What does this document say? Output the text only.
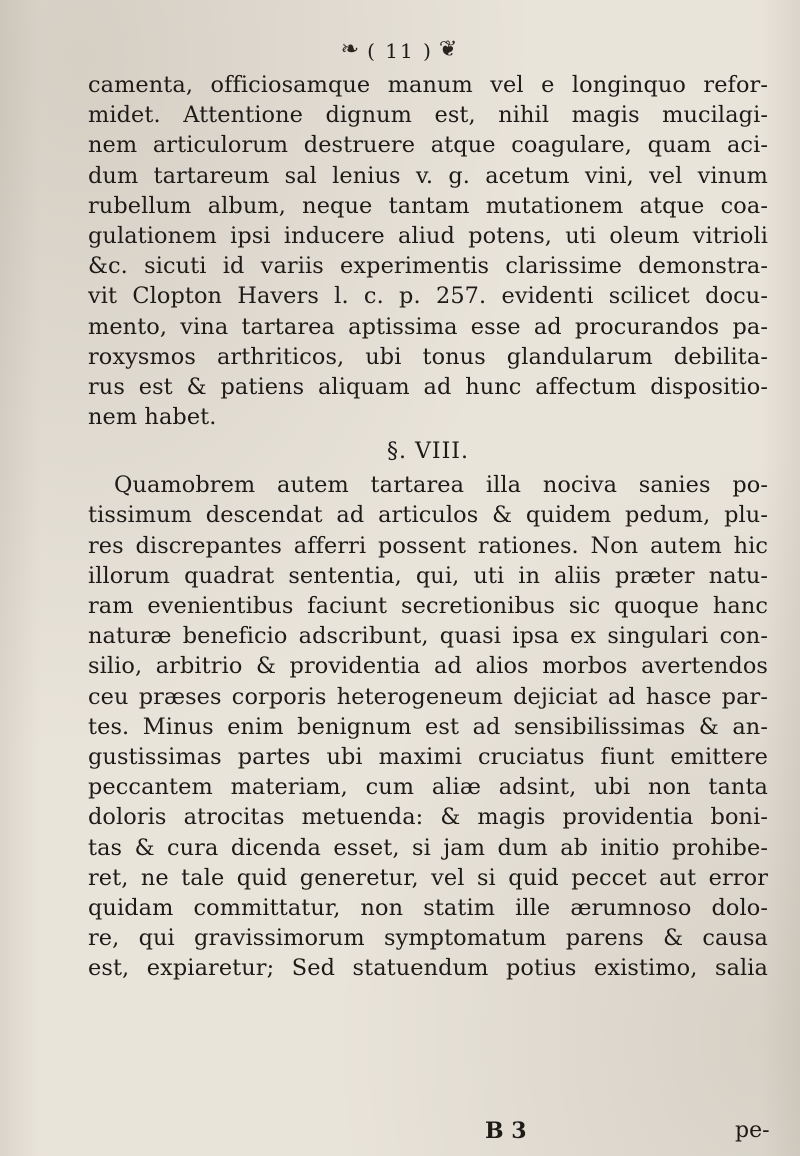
❧ ( 11 ) ❦
camenta, officiosamque manum vel e longinquo refor-
midet. Attentione dignum est, nihil magis mucilagi-
nem articulorum destruere atque coagulare, quam aci-
dum tartareum sal lenius v. g. acetum vini, vel vinum
rubellum album, neque tantam mutationem atque coa-
gulationem ipsi inducere aliud potens, uti oleum vitrioli
&c. sicuti id variis experimentis clarissime demonstra-
vit Clopton Havers l. c. p. 257. evidenti scilicet docu-
mento, vina tartarea aptissima esse ad procurandos pa-
roxysmos arthriticos, ubi tonus glandularum debilita-
rus est & patiens aliquam ad hunc affectum dispositio-
nem habet.
§. VIII.
Quamobrem autem tartarea illa nociva sanies po-
tissimum descendat ad articulos & quidem pedum, plu-
res discrepantes afferri possent rationes. Non autem hic
illorum quadrat sententia, qui, uti in aliis præter natu-
ram evenientibus faciunt secretionibus sic quoque hanc
naturæ beneficio adscribunt, quasi ipsa ex singulari con-
silio, arbitrio & providentia ad alios morbos avertendos
ceu præses corporis heterogeneum dejiciat ad hasce par-
tes. Minus enim benignum est ad sensibilissimas & an-
gustissimas partes ubi maximi cruciatus fiunt emittere
peccantem materiam, cum aliæ adsint, ubi non tanta
doloris atrocitas metuenda: & magis providentia boni-
tas & cura dicenda esset, si jam dum ab initio prohibe-
ret, ne tale quid generetur, vel si quid peccet aut error
quidam committatur, non statim ille ærumnoso dolo-
re, qui gravissimorum symptomatum parens & causa
est, expiaretur; Sed statuendum potius existimo, salia
B 3	pe-
